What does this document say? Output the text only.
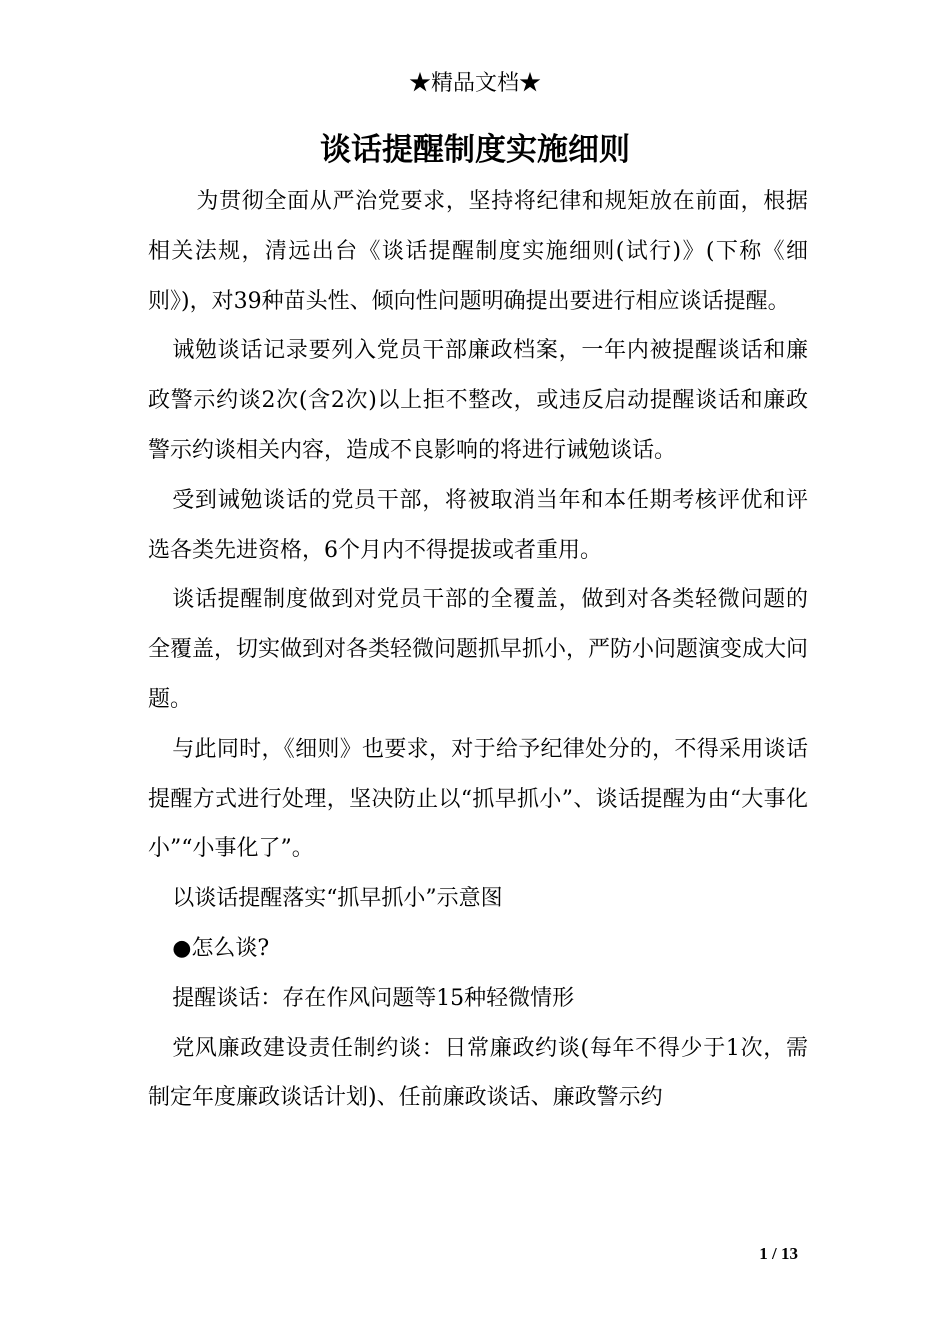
★精品文档★
谈话提醒制度实施细则

为贯彻全面从严治党要求，坚持将纪律和规矩放在前面，根据相关法规，清远出台《谈话提醒制度实施细则(试行)》(下称《细则》)，对39种苗头性、倾向性问题明确提出要进行相应谈话提醒。

诫勉谈话记录要列入党员干部廉政档案，一年内被提醒谈话和廉政警示约谈2次(含2次)以上拒不整改，或违反启动提醒谈话和廉政警示约谈相关内容，造成不良影响的将进行诫勉谈话。

受到诫勉谈话的党员干部，将被取消当年和本任期考核评优和评选各类先进资格，6个月内不得提拔或者重用。

谈话提醒制度做到对党员干部的全覆盖，做到对各类轻微问题的全覆盖，切实做到对各类轻微问题抓早抓小，严防小问题演变成大问题。

与此同时，《细则》也要求，对于给予纪律处分的，不得采用谈话提醒方式进行处理，坚决防止以“抓早抓小”、谈话提醒为由“大事化小”“小事化了”。

以谈话提醒落实“抓早抓小”示意图

●怎么谈?

提醒谈话：存在作风问题等15种轻微情形

党风廉政建设责任制约谈：日常廉政约谈(每年不得少于1次，需制定年度廉政谈话计划)、任前廉政谈话、廉政警示约

1 / 13
